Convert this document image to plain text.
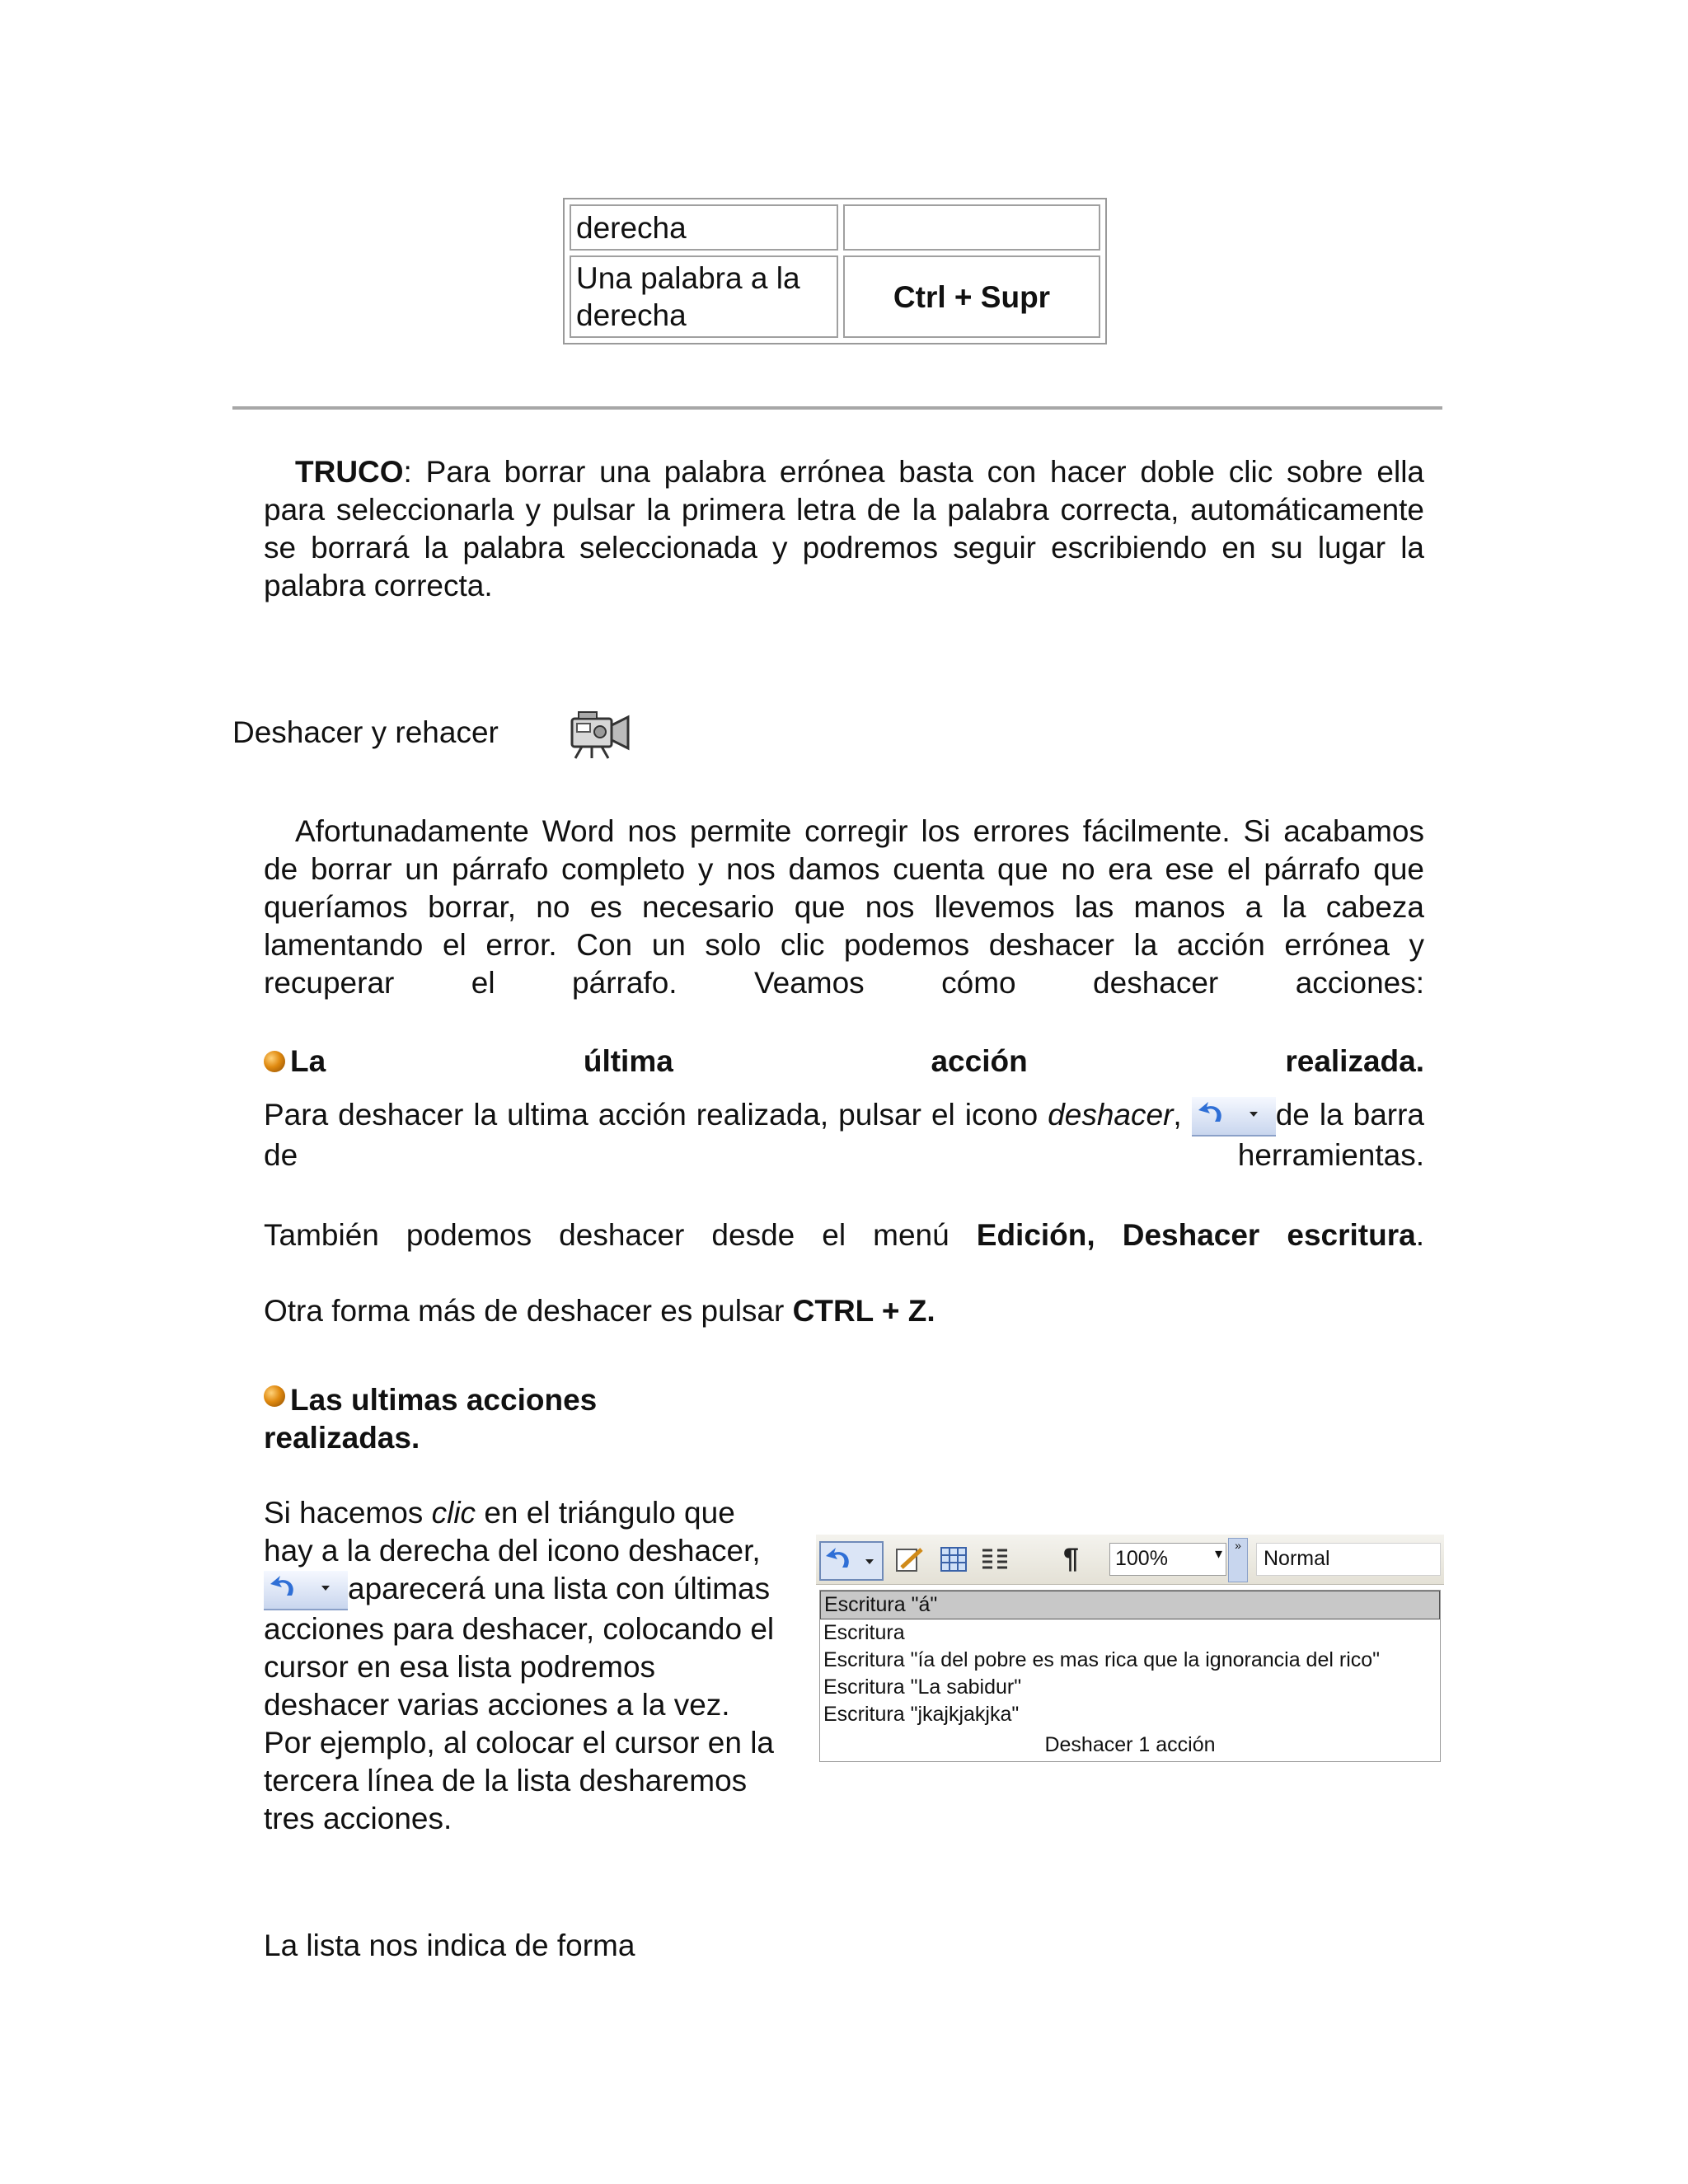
derecha	
Una palabra a la derecha	Ctrl + Supr
TRUCO: Para borrar una palabra errónea basta con hacer doble clic sobre ella para seleccionarla y pulsar la primera letra de la palabra correcta, automáticamente se borrará la palabra seleccionada y podremos seguir escribiendo en su lugar la palabra correcta.
Deshacer y rehacer
Afortunadamente Word nos permite corregir los errores fácilmente. Si acabamos de borrar un párrafo completo y nos damos cuenta que no era ese el párrafo que queríamos borrar, no es necesario que nos llevemos las manos a la cabeza lamentando el error. Con un solo clic podemos deshacer la acción errónea y recuperar el párrafo. Veamos cómo deshacer acciones:
La última acción realizada.
Para deshacer la ultima acción realizada, pulsar el icono deshacer,	de la barra de herramientas.
También podemos deshacer desde el menú Edición, Deshacer escritura.
Otra forma más de deshacer es pulsar CTRL + Z.
Las ultimas acciones realizadas.
Si hacemos clic en el triángulo que hay a la derecha del icono deshacer, aparecerá una lista con últimas acciones para deshacer, colocando el cursor en esa lista podremos deshacer varias acciones a la vez. Por ejemplo, al colocar el cursor en la tercera línea de la lista desharemos tres acciones.
La lista nos indica de forma
¶ 100%	▾	»
Normal
Escritura "á"
Escritura
Escritura "ía del pobre es mas rica que la ignorancia del rico"
Escritura "La sabidur"
Escritura "jkajkjakjka"
Deshacer 1 acción
